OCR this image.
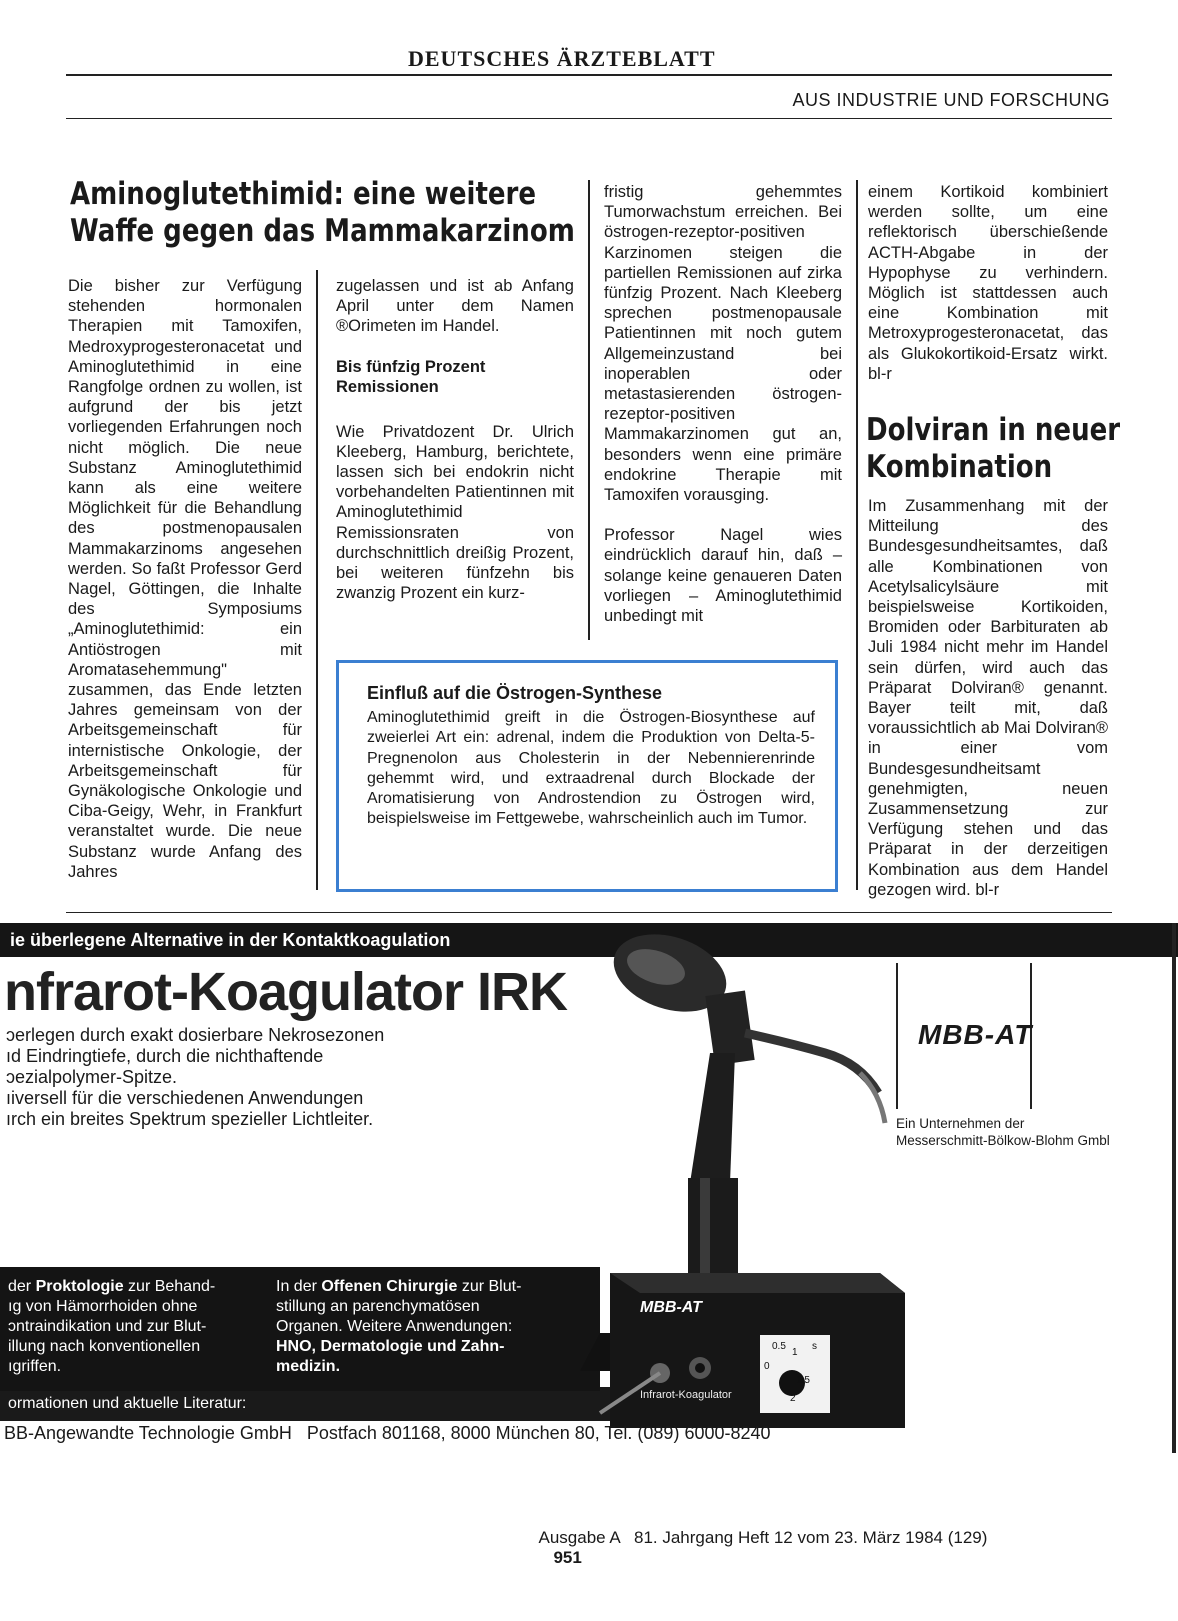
DEUTSCHES ÄRZTEBLATT
AUS INDUSTRIE UND FORSCHUNG
Aminoglutethimid: eine weitere
Waffe gegen das Mammakarzinom

Die bisher zur Verfügung stehenden hormonalen Therapien mit Tamoxifen, Medroxyprogesteronacetat und Aminoglutethimid in eine Rangfolge ordnen zu wollen, ist aufgrund der bis jetzt vorliegenden Erfahrungen noch nicht möglich. Die neue Substanz Aminoglutethimid kann als eine weitere Möglichkeit für die Behandlung des postmenopausalen Mammakarzinoms angesehen werden. So faßt Professor Gerd Nagel, Göttingen, die Inhalte des Symposiums „Aminoglutethimid: ein Antiöstrogen mit Aromatasehemmung" zusammen, das Ende letzten Jahres gemeinsam von der Arbeitsgemeinschaft für internistische Onkologie, der Arbeitsgemeinschaft für Gynäkologische Onkologie und Ciba-Geigy, Wehr, in Frankfurt veranstaltet wurde. Die neue Substanz wurde Anfang des Jahres

zugelassen und ist ab Anfang April unter dem Namen ®Orimeten im Handel.

Bis fünfzig Prozent Remissionen

Wie Privatdozent Dr. Ulrich Kleeberg, Hamburg, berichtete, lassen sich bei endokrin nicht vorbehandelten Patientinnen mit Aminoglutethimid Remissionsraten von durchschnittlich dreißig Prozent, bei weiteren fünfzehn bis zwanzig Prozent ein kurz-

fristig gehemmtes Tumorwachstum erreichen. Bei östrogen-rezeptor-positiven Karzinomen steigen die partiellen Remissionen auf zirka fünfzig Prozent. Nach Kleeberg sprechen postmenopausale Patientinnen mit noch gutem Allgemeinzustand bei inoperablen oder metastasierenden östrogen-rezeptor-positiven Mammakarzinomen gut an, besonders wenn eine primäre endokrine Therapie mit Tamoxifen vorausging.

Professor Nagel wies eindrücklich darauf hin, daß – solange keine genaueren Daten vorliegen – Aminoglutethimid unbedingt mit

einem Kortikoid kombiniert werden sollte, um eine reflektorisch überschießende ACTH-Abgabe in der Hypophyse zu verhindern. Möglich ist stattdessen auch eine Kombination mit Metroxyprogesteronacetat, das als Glukokortikoid-Ersatz wirkt. bl-r

Einfluß auf die Östrogen-Synthese

Aminoglutethimid greift in die Östrogen-Biosynthese auf zweierlei Art ein: adrenal, indem die Produktion von Delta-5-Pregnenolon aus Cholesterin in der Nebennierenrinde gehemmt wird, und extraadrenal durch Blockade der Aromatisierung von Androstendion zu Östrogen wird, beispielsweise im Fettgewebe, wahrscheinlich auch im Tumor.

Dolviran in neuer
Kombination

Im Zusammenhang mit der Mitteilung des Bundesgesundheitsamtes, daß alle Kombinationen von Acetylsalicylsäure mit beispielsweise Kortikoiden, Bromiden oder Barbituraten ab Juli 1984 nicht mehr im Handel sein dürfen, wird auch das Präparat Dolviran® genannt. Bayer teilt mit, daß voraussichtlich ab Mai Dolviran® in einer vom Bundesgesundheitsamt genehmigten, neuen Zusammensetzung zur Verfügung stehen und das Präparat in der derzeitigen Kombination aus dem Handel gezogen wird. bl-r

ie überlegene Alternative in der Kontaktkoagulation
nfrarot-Koagulator IRK
ɔerlegen durch exakt dosierbare Nekrosezonen
ıd Eindringtiefe, durch die nichthaftende
ɔezialpolymer-Spitze.
ıiversell für die verschiedenen Anwendungen
ırch ein breites Spektrum spezieller Lichtleiter.
MBB-AT
Ein Unternehmen der
Messerschmitt-Bölkow-Blohm Gmbl
der Proktologie zur Behand-
ıg von Hämorrhoiden ohne
ɔntraindikation und zur Blut-
illung nach konventionellen
ıgriffen.
In der Offenen Chirurgie zur Blut-
stillung an parenchymatösen
Organen. Weitere Anwendungen:
HNO, Dermatologie und Zahn-
medizin.
MBB-AT
Infrarot-Koagulator
0
0.5
1
1.5
2
s
ormationen und aktuelle Literatur:
BB-Angewandte Technologie GmbH   Postfach 801168, 8000 München 80, Tel. (089) 6000-8240

Ausgabe A   81. Jahrgang Heft 12 vom 23. März 1984 (129)
951
